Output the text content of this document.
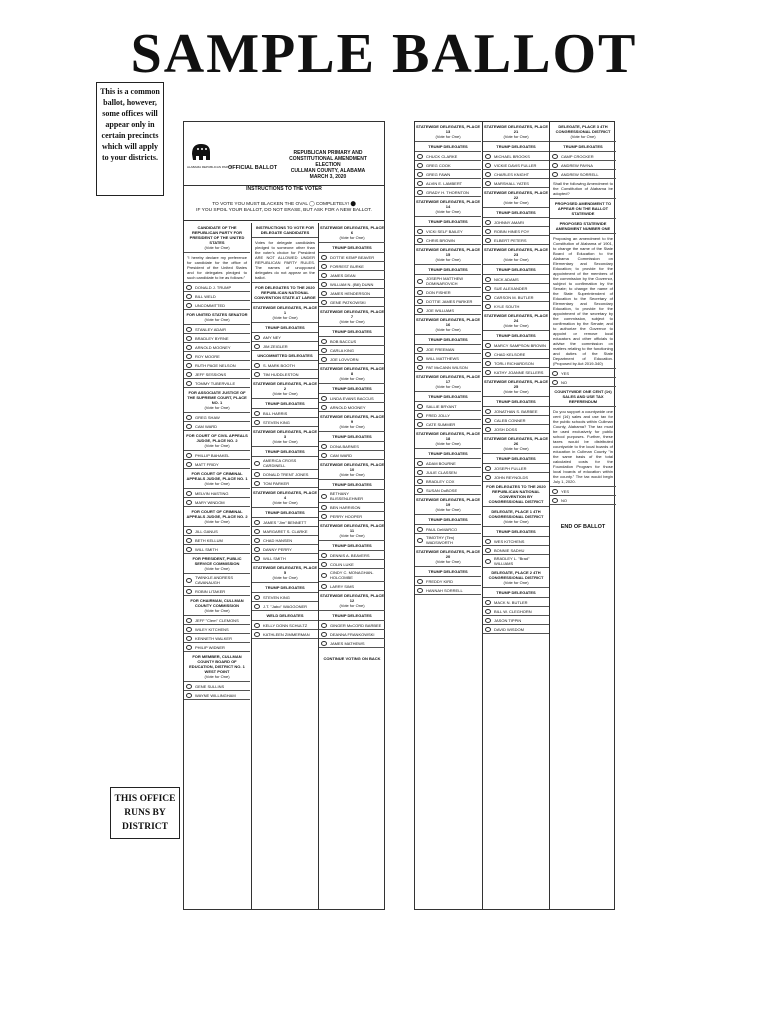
SAMPLE BALLOT
This is a common ballot, however, some offices will appear only in certain precincts which will apply to your districts.
THIS OFFICE RUNS BY DISTRICT
ALABAMA REPUBLICAN PARTY
OFFICIAL BALLOT
REPUBLICAN PRIMARY AND
CONSTITUTIONAL AMENDMENT ELECTION
CULLMAN COUNTY, ALABAMA
MARCH 3, 2020
INSTRUCTIONS TO THE VOTER
TO VOTE YOU MUST BLACKEN THE OVAL ◯ COMPLETELY! ⬤
IF YOU SPOIL YOUR BALLOT, DO NOT ERASE, BUT ASK FOR A NEW BALLOT.
CANDIDATE OF THE REPUBLICAN PARTY FOR PRESIDENT OF THE UNITED STATES
(Vote for One)
"I hereby declare my preference for candidate for the office of President of the United States and for delegates pledged to such candidate to be as follows:"
DONALD J. TRUMP
BILL WELD
UNCOMMITTED
FOR UNITED STATES SENATOR
(Vote for One)
STANLEY ADAIR
BRADLEY BYRNE
ARNOLD MOONEY
ROY MOORE
RUTH PAGE NELSON
JEFF SESSIONS
TOMMY TUBERVILLE
FOR ASSOCIATE JUSTICE OF THE SUPREME COURT, PLACE NO. 1
(Vote for One)
GREG SHAW
CAM WARD
FOR COURT OF CIVIL APPEALS JUDGE, PLACE NO. 2
(Vote for One)
PHILLIP BAHAKEL
MATT FRIDY
FOR COURT OF CRIMINAL APPEALS JUDGE, PLACE NO. 1
(Vote for One)
MELVIN HASTING
MARY WINDOM
FOR COURT OF CRIMINAL APPEALS JUDGE, PLACE NO. 2
(Vote for One)
JILL GANUS
BETH KELLUM
WILL SMITH
FOR PRESIDENT, PUBLIC SERVICE COMMISSION
(Vote for One)
TWINKLE ANDRESS CAVANAUGH
ROBIN LITAKER
FOR CHAIRMAN, CULLMAN COUNTY COMMISSION
(Vote for One)
JEFF "Clem" CLEMONS
WILEY KITCHENS
KENNETH WALKER
PHILIP WIDNER
FOR MEMBER, CULLMAN COUNTY BOARD OF EDUCATION, DISTRICT NO. 1 WEST POINT
(Vote for One)
GENE SULLINS
WAYNE WILLINGHAM
INSTRUCTIONS TO VOTE FOR DELEGATE CANDIDATES
Votes for delegate candidates pledged to someone other than the voter's choice for President ARE NOT ALLOWED UNDER REPUBLICAN PARTY RULES. The names of unopposed delegates do not appear on the ballot.
FOR DELEGATES TO THE 2020 REPUBLICAN NATIONAL CONVENTION STATE AT LARGE
STATEWIDE DELEGATES, PLACE 1
(Vote for One)
TRUMP DELEGATES
AMY NEY
JIM ZEIGLER
UNCOMMITTED DELEGATES
S. MARK BOOTH
TIM HUDDLESTON
STATEWIDE DELEGATES, PLACE 2
(Vote for One)
TRUMP DELEGATES
BILL HARRIS
STEVEN KING
STATEWIDE DELEGATES, PLACE 3
(Vote for One)
TRUMP DELEGATES
AMERICA CROSS CARDINELL
DONALD TRENT JONES
TOM PARKER
STATEWIDE DELEGATES, PLACE 4
(Vote for One)
TRUMP DELEGATES
JAMES "Jim" BENNETT
MARGARET S. CLARKE
CHAD HANSEN
DANNY PERRY
WILL SMITH
STATEWIDE DELEGATES, PLACE 5
(Vote for One)
TRUMP DELEGATES
STEVEN KING
J.T. "Jabo" WAGGONER
WELD DELEGATES
KELLY DONN SCHULTZ
KATHLEEN ZIMMERMAN
STATEWIDE DELEGATES, PLACE 6
(Vote for One)
TRUMP DELEGATES
DOTTIE KEMP BEAVER
FORREST BURKE
JAMES DEAN
WILLIAM N. (Bill) DUNN
JAMES HENDERSON
GENE PATKOWSKI
STATEWIDE DELEGATES, PLACE 7
(Vote for One)
TRUMP DELEGATES
BOB BACCUS
CARLA KING
JOE LOVVORN
STATEWIDE DELEGATES, PLACE 8
(Vote for One)
TRUMP DELEGATES
LINDA EVANS BACCUS
ARNOLD MOONEY
STATEWIDE DELEGATES, PLACE 9
(Vote for One)
TRUMP DELEGATES
DONA BARNES
CAM WARD
STATEWIDE DELEGATES, PLACE 10
(Vote for One)
TRUMP DELEGATES
BETHANY BLISSENLEHNER
BEN HARRISON
PERRY HOOPER
STATEWIDE DELEGATES, PLACE 11
(Vote for One)
TRUMP DELEGATES
DENNIS A. BEAVERS
COLIN LUKE
CINDY C. MONAGHAN-HOLCOMBE
LARRY SIMS
STATEWIDE DELEGATES, PLACE 12
(Vote for One)
TRUMP DELEGATES
GINGER McCORD BARBEE
DEANNA FRANKOWSKI
JAMES MATHEWS
CONTINUE VOTING ON BACK
STATEWIDE DELEGATES, PLACE 13
(Vote for One)
TRUMP DELEGATES
CHUCK CLARKE
GREG COOK
GREG FAWN
ALVIN E. LAMBERT
GRADY H. THORNTON
STATEWIDE DELEGATES, PLACE 14
(Vote for One)
TRUMP DELEGATES
VICKI SELF BAILEY
CHRIS BROWN
STATEWIDE DELEGATES, PLACE 15
(Vote for One)
TRUMP DELEGATES
JOSEPH MATTHEW DOMINAROVICH
DON FISHER
DOTTIE JAMES PARKER
JOE WILLIAMS
STATEWIDE DELEGATES, PLACE 16
(Vote for One)
TRUMP DELEGATES
JOE FREEMAN
WILL MATTHEWS
PAT McCANN WILSON
STATEWIDE DELEGATES, PLACE 17
(Vote for One)
TRUMP DELEGATES
SALLIE BRYANT
FRED JOLLY
CATE SUMMER
STATEWIDE DELEGATES, PLACE 18
(Vote for One)
TRUMP DELEGATES
ADAM BOURNE
JULIE CLASSEN
BRADLEY COX
SUSAN DuBOSE
STATEWIDE DELEGATES, PLACE 19
(Vote for One)
TRUMP DELEGATES
PAUL DeMARCO
TIMOTHY (Tim) WADSWORTH
STATEWIDE DELEGATES, PLACE 20
(Vote for One)
TRUMP DELEGATES
FREDDY KIRD
HANNAH SORRELL
STATEWIDE DELEGATES, PLACE 21
(Vote for One)
TRUMP DELEGATES
MICHAEL BROOKS
VICKIE DAVIS FULLER
CHARLES KNIGHT
MARSHALL YATES
STATEWIDE DELEGATES, PLACE 22
(Vote for One)
TRUMP DELEGATES
JOHNNY AMARI
ROBIN HINES FOY
ELBERT PETERS
STATEWIDE DELEGATES, PLACE 23
(Vote for One)
TRUMP DELEGATES
NICK ADAMS
SUE ALEXANDER
CARSON M. BUTLER
KYLE SOUTH
STATEWIDE DELEGATES, PLACE 24
(Vote for One)
TRUMP DELEGATES
MARCY SAMPSON BROWN
CHAD KELSORE
TORLI RICHARDSON
KATHY JOANNE SELLERS
STATEWIDE DELEGATES, PLACE 25
(Vote for One)
TRUMP DELEGATES
JONATHAN S. BARBEE
CALEB CONNER
JOSH DOSS
STATEWIDE DELEGATES, PLACE 26
(Vote for One)
TRUMP DELEGATES
JOSEPH FULLER
JOHN REYNOLDS
FOR DELEGATES TO THE 2020 REPUBLICAN NATIONAL CONVENTION BY CONGRESSIONAL DISTRICT
DELEGATE, PLACE 1 4TH CONGRESSIONAL DISTRICT
(Vote for One)
TRUMP DELEGATES
WES KITCHENS
BONNIE SADHU
BRADLEY L. "Brad" WILLIAMS
DELEGATE, PLACE 2 4TH CONGRESSIONAL DISTRICT
(Vote for One)
TRUMP DELEGATES
MACK N. BUTLER
BILL W. CLEGHORN
JASON TIPPIN
DAVID WISDOM
DELEGATE, PLACE 3 4TH CONGRESSIONAL DISTRICT
(Vote for One)
TRUMP DELEGATES
CAMP CROCKER
ANDREW PAYNA
ANDREW SORRELL
Shall the following Amendment to the Constitution of Alabama be adopted?
PROPOSED AMENDMENT TO APPEAR ON THE BALLOT STATEWIDE
PROPOSED STATEWIDE AMENDMENT NUMBER ONE
Proposing an amendment to the Constitution of Alabama of 1901, to change the name of the State Board of Education to the Alabama Commission on Elementary and Secondary Education; to provide for the appointment of the members of the commission by the Governor, subject to confirmation by the Senate; to change the name of the State Superintendent of Education to the Secretary of Elementary and Secondary Education, to provide for the appointment of the secretary by the commission, subject to confirmation by the Senate; and to authorize the Governor to appoint or remove local educators and other officials to advise the commission on matters relating to the functioning and duties of the State Department of Education. (Proposed by Act 2019-340)
YES
NO
COUNTYWIDE ONE CENT (1¢) SALES AND USE TAX REFERENDUM
Do you support a countywide one cent (1¢) sales and use tax for the public schools within Cullman County, Alabama? The tax must be used exclusively for public school purposes. Further, these taxes would be distributed countywide to the local boards of education in Cullman County "in the same basis of the total calculated costs for the Foundation Program for those local boards of education within the county." The tax would begin July 1, 2020.
YES
NO
END OF BALLOT
